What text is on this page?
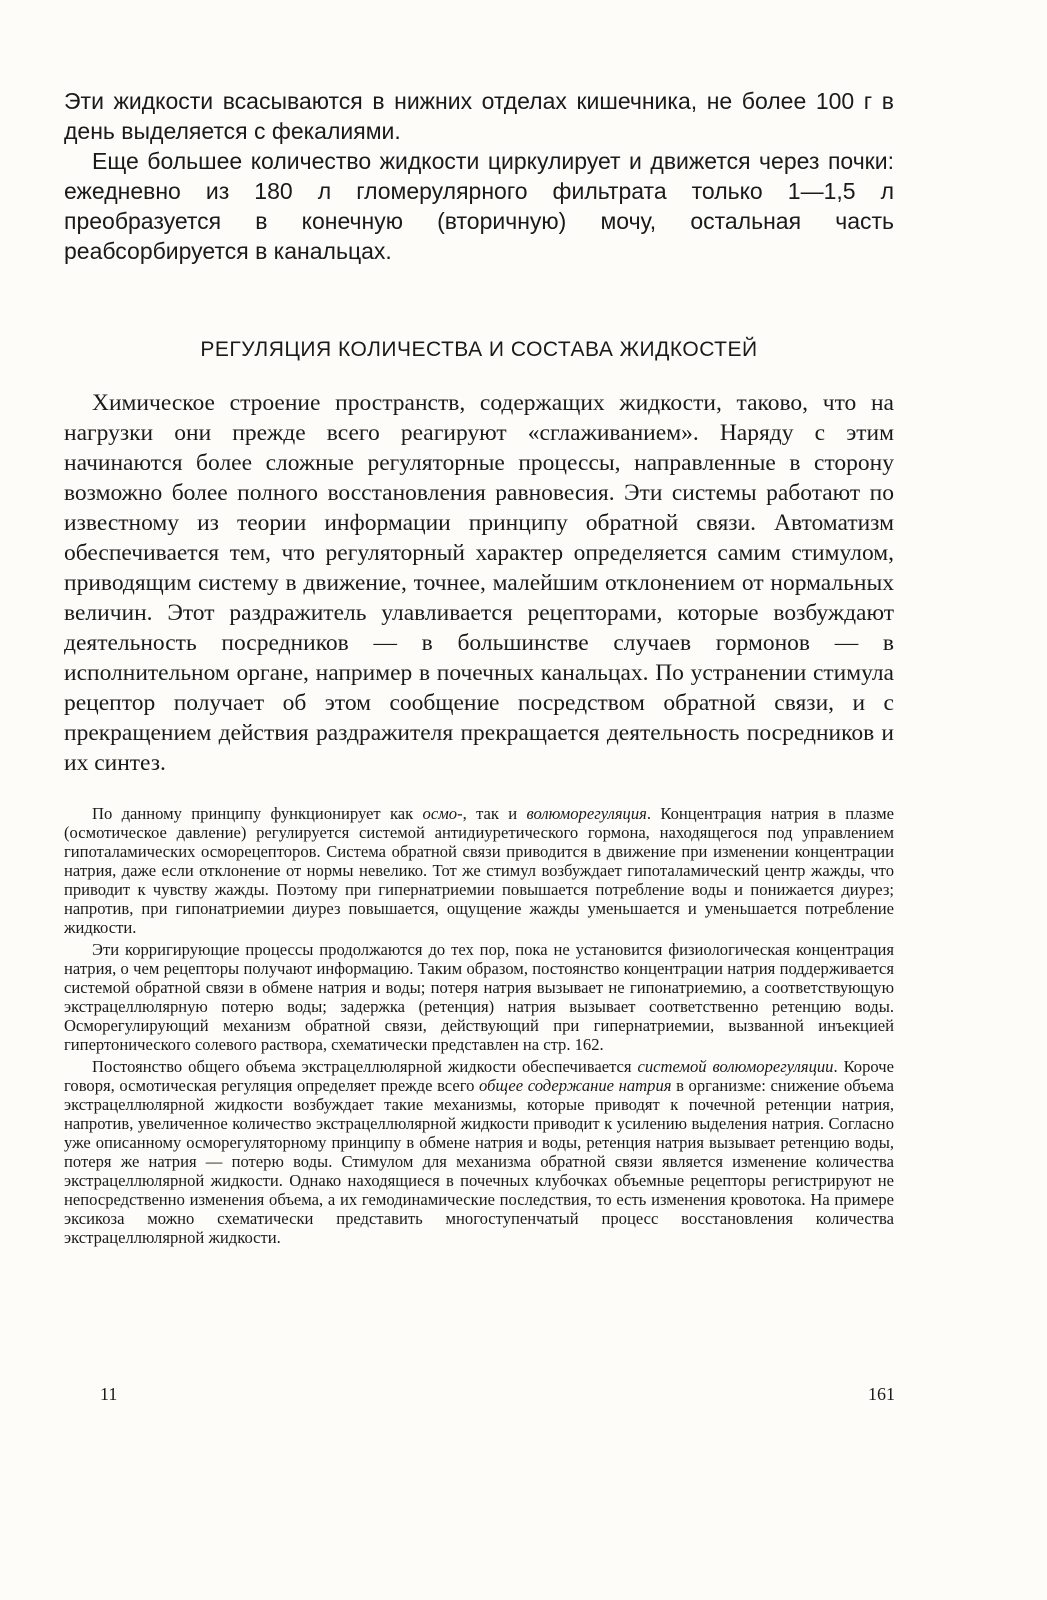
Эти жидкости всасываются в нижних отделах кишечника, не более 100 г в день выделяется с фекалиями.

Еще большее количество жидкости циркулирует и движется через почки: ежедневно из 180 л гломерулярного фильтрата только 1—1,5 л преобразуется в конечную (вторичную) мочу, остальная часть реабсорбируется в канальцах.

РЕГУЛЯЦИЯ КОЛИЧЕСТВА И СОСТАВА ЖИДКОСТЕЙ

Химическое строение пространств, содержащих жидкости, таково, что на нагрузки они прежде всего реагируют «сглаживанием». Наряду с этим начинаются более сложные регуляторные процессы, направленные в сторону возможно более полного восстановления равновесия. Эти системы работают по известному из теории информации принципу обратной связи. Автоматизм обеспечивается тем, что регуляторный характер определяется самим стимулом, приводящим систему в движение, точнее, малейшим отклонением от нормальных величин. Этот раздражитель улавливается рецепторами, которые возбуждают деятельность посредников — в большинстве случаев гормонов — в исполнительном органе, например в почечных канальцах. По устранении стимула рецептор получает об этом сообщение посредством обратной связи, и с прекращением действия раздражителя прекращается деятельность посредников и их синтез.

По данному принципу функционирует как осмо-, так и волюморегуляция. Концентрация натрия в плазме (осмотическое давление) регулируется системой антидиуретического гормона, находящегося под управлением гипоталамических осморецепторов. Система обратной связи приводится в движение при изменении концентрации натрия, даже если отклонение от нормы невелико. Тот же стимул возбуждает гипоталамический центр жажды, что приводит к чувству жажды. Поэтому при гипернатриемии повышается потребление воды и понижается диурез; напротив, при гипонатриемии диурез повышается, ощущение жажды уменьшается и уменьшается потребление жидкости.

Эти корригирующие процессы продолжаются до тех пор, пока не установится физиологическая концентрация натрия, о чем рецепторы получают информацию. Таким образом, постоянство концентрации натрия поддерживается системой обратной связи в обмене натрия и воды; потеря натрия вызывает не гипонатриемию, а соответствующую экстрацеллюлярную потерю воды; задержка (ретенция) натрия вызывает соответственно ретенцию воды. Осморегулирующий механизм обратной связи, действующий при гипернатриемии, вызванной инъекцией гипертонического солевого раствора, схематически представлен на стр. 162.

Постоянство общего объема экстрацеллюлярной жидкости обеспечивается системой волюморегуляции. Короче говоря, осмотическая регуляция определяет прежде всего общее содержание натрия в организме: снижение объема экстрацеллюлярной жидкости возбуждает такие механизмы, которые приводят к почечной ретенции натрия, напротив, увеличенное количество экстрацеллюлярной жидкости приводит к усилению выделения натрия. Согласно уже описанному осморегуляторному принципу в обмене натрия и воды, ретенция натрия вызывает ретенцию воды, потеря же натрия — потерю воды. Стимулом для механизма обратной связи является изменение количества экстрацеллюлярной жидкости. Однако находящиеся в почечных клубочках объемные рецепторы регистрируют не непосредственно изменения объема, а их гемодинамические последствия, то есть изменения кровотока. На примере эксикоза можно схематически представить многоступенчатый процесс восстановления количества экстрацеллюлярной жидкости.

11	161
